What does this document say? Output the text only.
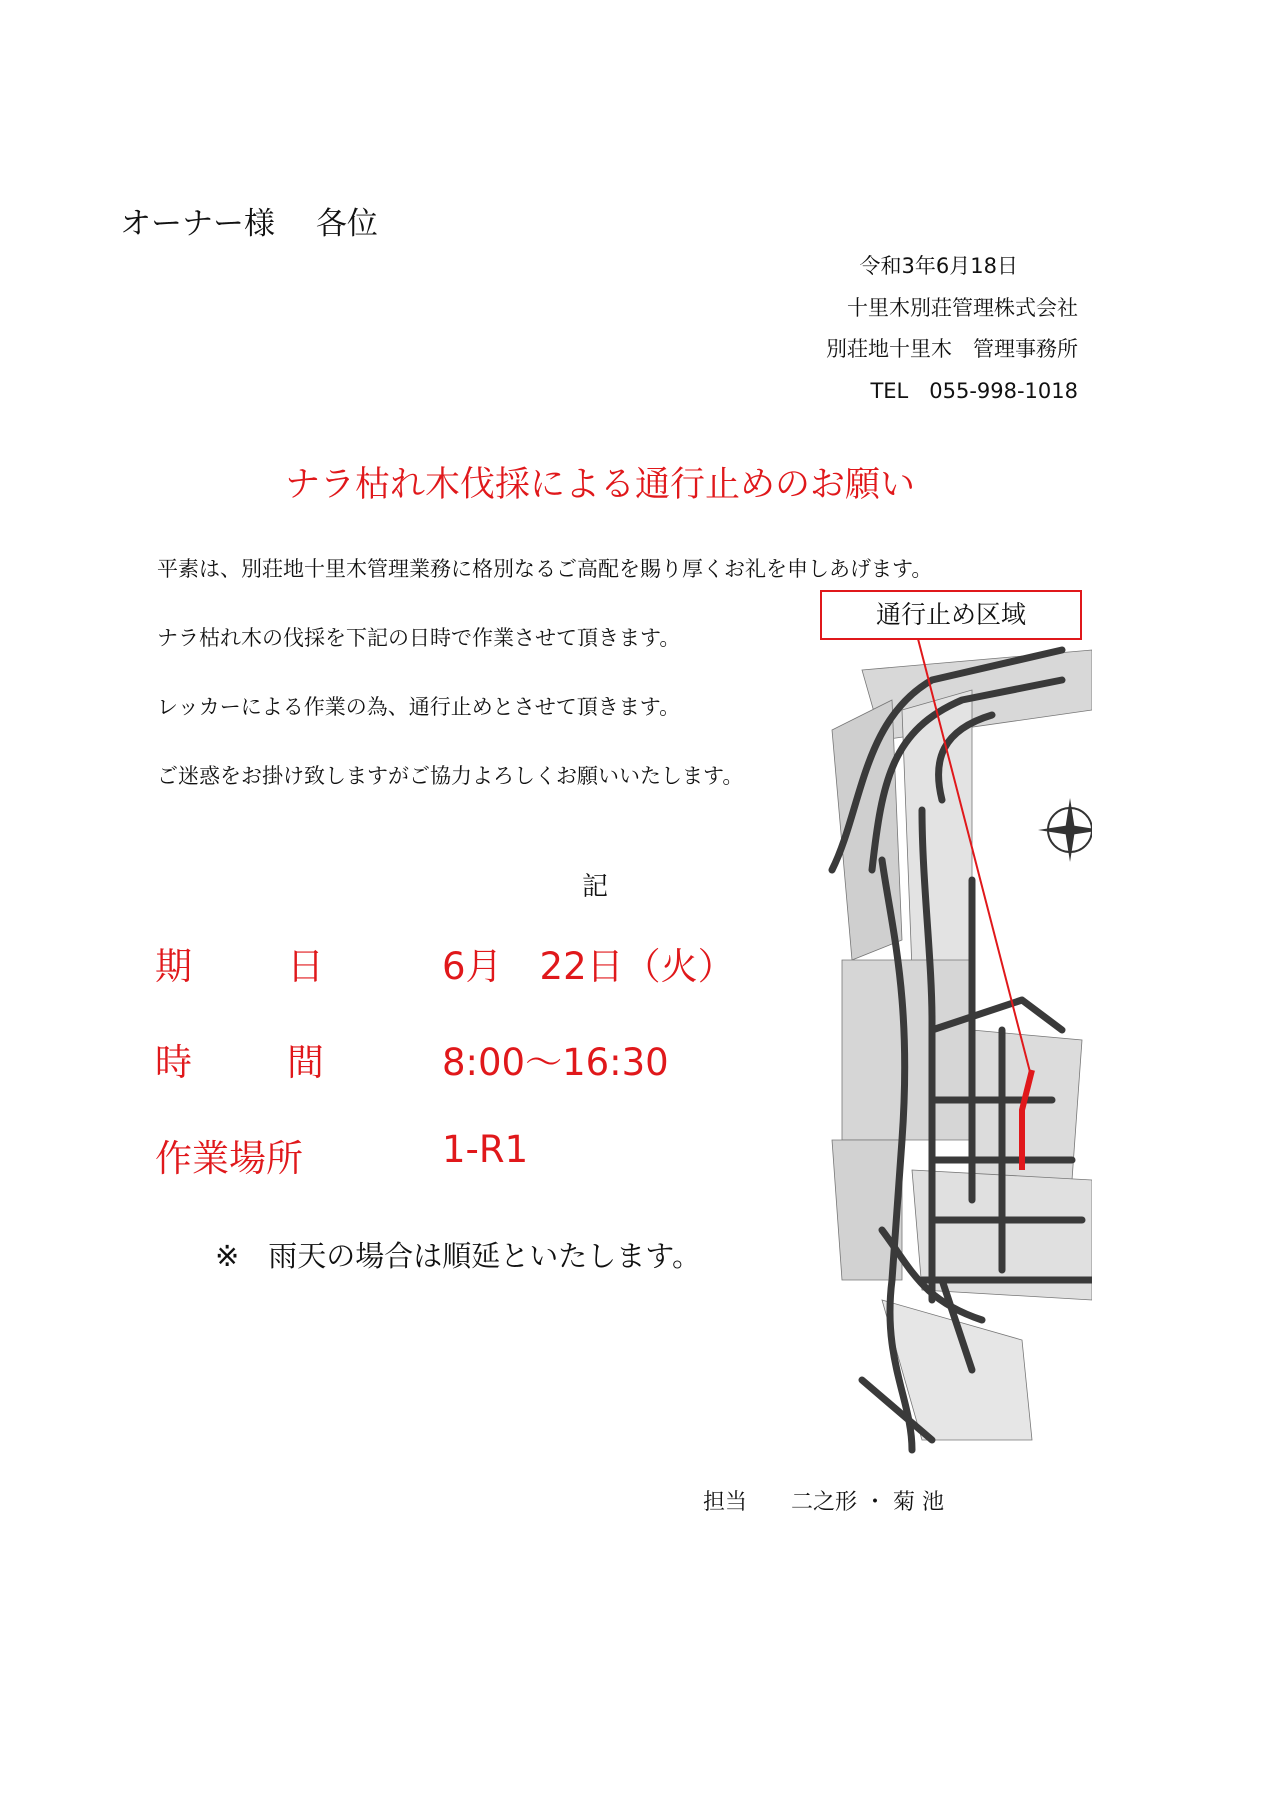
オーナー様　 各位
令和3年6月18日
十里木別荘管理株式会社
別荘地十里木　管理事務所
TEL　055-998-1018
ナラ枯れ木伐採による通行止めのお願い
平素は、別荘地十里木管理業務に格別なるご高配を賜り厚くお礼を申しあげます。
ナラ枯れ木の伐採を下記の日時で作業させて頂きます。
レッカーによる作業の為、通行止めとさせて頂きます。
ご迷惑をお掛け致しますがご協力よろしくお願いいたします。
記
期	日	6月　22日（火）
時	間	8:00～16:30
作業場所	1-R1
※　雨天の場合は順延といたします。
通行止め区域
担当　　二之形 ・ 菊 池
